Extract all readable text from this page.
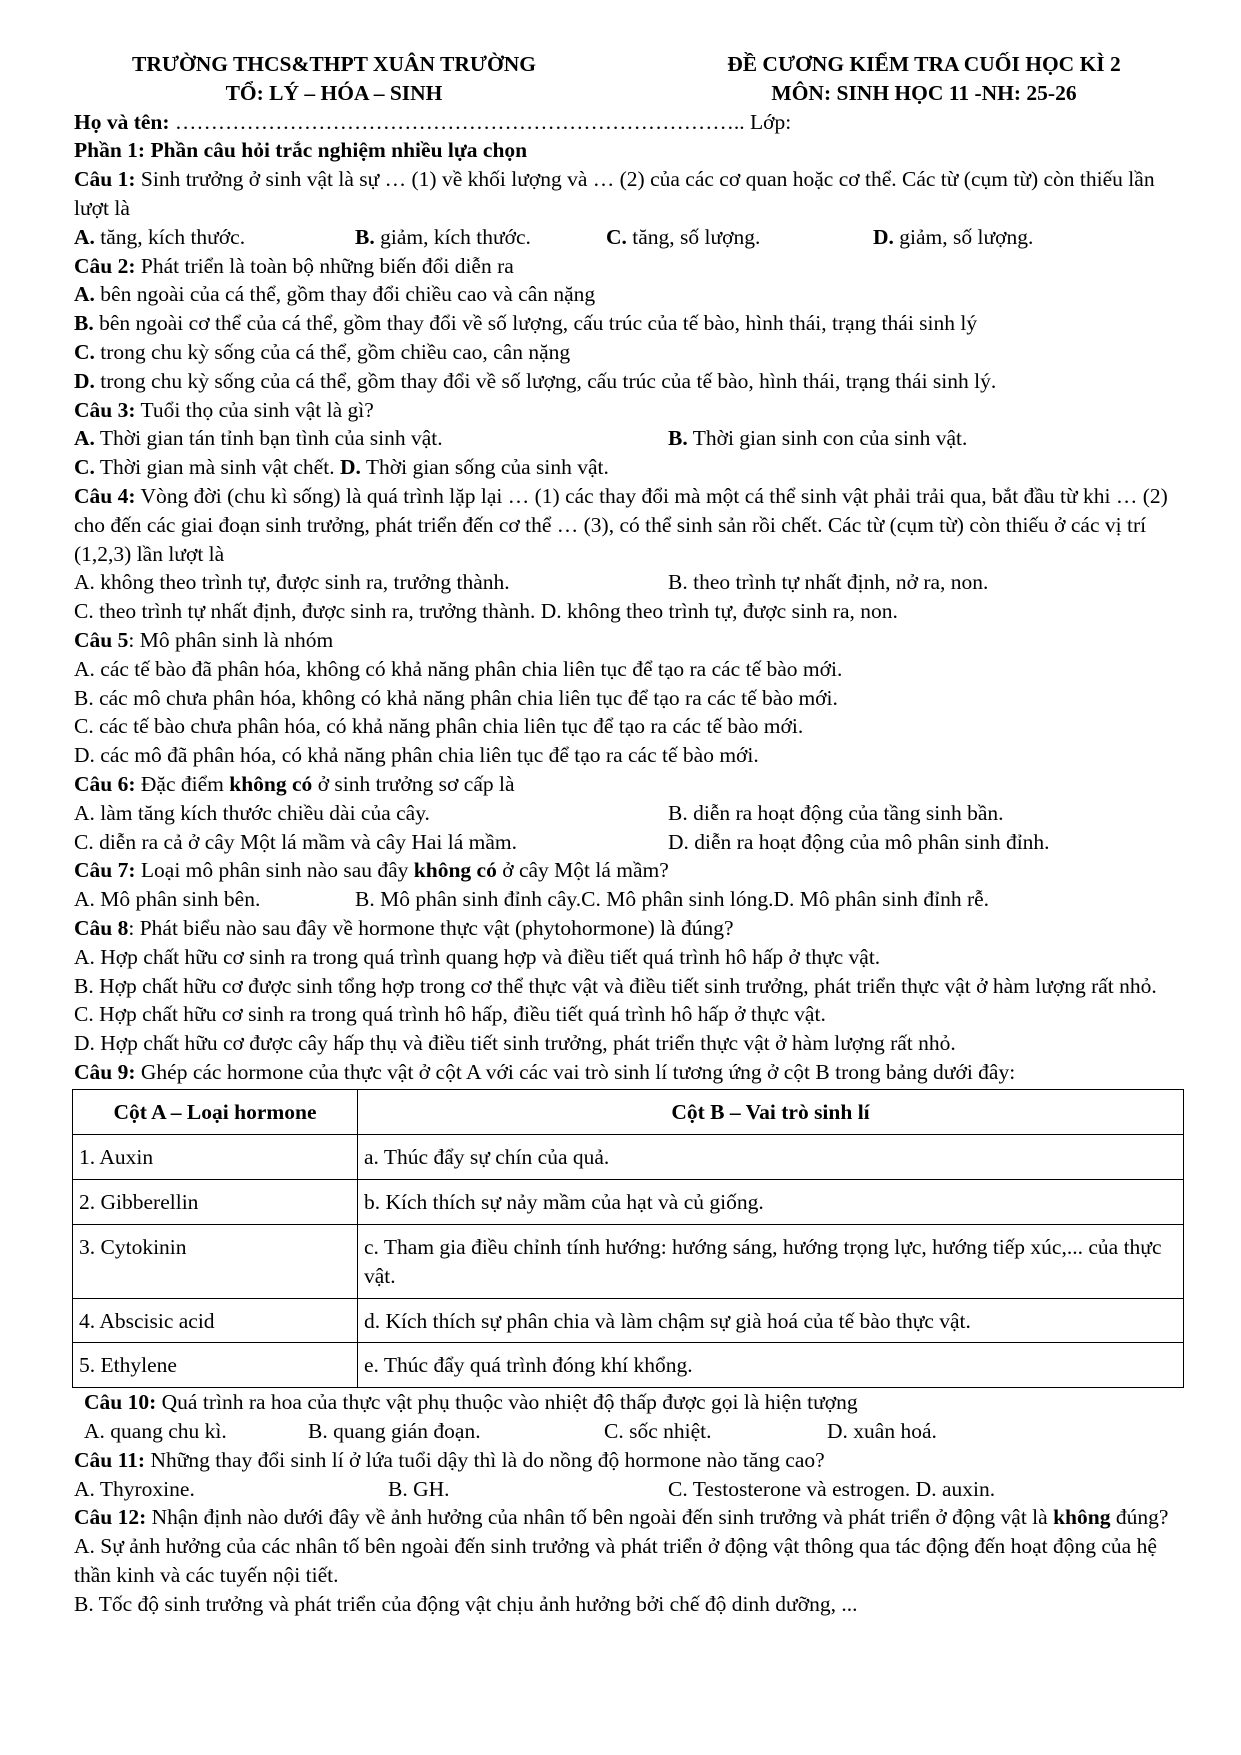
TRƯỜNG THCS&THPT XUÂN TRƯỜNG	ĐỀ CƯƠNG KIỂM TRA CUỐI HỌC KÌ 2
TỔ: LÝ – HÓA – SINH	MÔN: SINH HỌC 11 -NH: 25-26
Họ và tên: …………………………………………………………………….. Lớp:
Phần 1: Phần câu hỏi trắc nghiệm nhiều lựa chọn
Câu 1: Sinh trưởng ở sinh vật là sự … (1) về khối lượng và … (2) của các cơ quan hoặc cơ thể. Các từ (cụm từ) còn thiếu lần lượt là
A. tăng, kích thước.	B. giảm, kích thước.	C. tăng, số lượng.	D. giảm, số lượng.
Câu 2: Phát triển là toàn bộ những biến đổi diễn ra
A. bên ngoài của cá thể, gồm thay đổi chiều cao và cân nặng
B. bên ngoài cơ thể của cá thể, gồm thay đổi về số lượng, cấu trúc của tế bào, hình thái, trạng thái sinh lý
C. trong chu kỳ sống của cá thể, gồm chiều cao, cân nặng
D. trong chu kỳ sống của cá thể, gồm thay đổi về số lượng, cấu trúc của tế bào, hình thái, trạng thái sinh lý.
Câu 3: Tuổi thọ của sinh vật là gì?
A. Thời gian tán tỉnh bạn tình của sinh vật.	B. Thời gian sinh con của sinh vật.
C. Thời gian mà sinh vật chết. D. Thời gian sống của sinh vật.
Câu 4: Vòng đời (chu kì sống) là quá trình lặp lại … (1) các thay đổi mà một cá thể sinh vật phải trải qua, bắt đầu từ khi … (2) cho đến các giai đoạn sinh trưởng, phát triển đến cơ thể … (3), có thể sinh sản rồi chết. Các từ (cụm từ) còn thiếu ở các vị trí (1,2,3) lần lượt là
A. không theo trình tự, được sinh ra, trưởng thành.	B. theo trình tự nhất định, nở ra, non.
C. theo trình tự nhất định, được sinh ra, trưởng thành. D. không theo trình tự, được sinh ra, non.
Câu 5: Mô phân sinh là nhóm
A. các tế bào đã phân hóa, không có khả năng phân chia liên tục để tạo ra các tế bào mới.
B. các mô chưa phân hóa, không có khả năng phân chia liên tục để tạo ra các tế bào mới.
C. các tế bào chưa phân hóa, có khả năng phân chia liên tục để tạo ra các tế bào mới.
D. các mô đã phân hóa, có khả năng phân chia liên tục để tạo ra các tế bào mới.
Câu 6: Đặc điểm không có ở sinh trưởng sơ cấp là
A. làm tăng kích thước chiều dài của cây.	B. diễn ra hoạt động của tầng sinh bần.
C. diễn ra cả ở cây Một lá mầm và cây Hai lá mầm.	D. diễn ra hoạt động của mô phân sinh đỉnh.
Câu 7: Loại mô phân sinh nào sau đây không có ở cây Một lá mầm?
A. Mô phân sinh bên.	B. Mô phân sinh đỉnh cây.C. Mô phân sinh lóng.D. Mô phân sinh đỉnh rễ.
Câu 8: Phát biểu nào sau đây về hormone thực vật (phytohormone) là đúng?
A. Hợp chất hữu cơ sinh ra trong quá trình quang hợp và điều tiết quá trình hô hấp ở thực vật.
B. Hợp chất hữu cơ được sinh tổng hợp trong cơ thể thực vật và điều tiết sinh trưởng, phát triển thực vật ở hàm lượng rất nhỏ.
C. Hợp chất hữu cơ sinh ra trong quá trình hô hấp, điều tiết quá trình hô hấp ở thực vật.
D. Hợp chất hữu cơ được cây hấp thụ và điều tiết sinh trưởng, phát triển thực vật ở hàm lượng rất nhỏ.
Câu 9: Ghép các hormone của thực vật ở cột A với các vai trò sinh lí tương ứng ở cột B trong bảng dưới đây:
Cột A – Loại hormone	Cột B – Vai trò sinh lí
1. Auxin	a. Thúc đẩy sự chín của quả.
2. Gibberellin	b. Kích thích sự nảy mầm của hạt và củ giống.
3. Cytokinin	c. Tham gia điều chỉnh tính hướng: hướng sáng, hướng trọng lực, hướng tiếp xúc,... của thực vật.
4. Abscisic acid	d. Kích thích sự phân chia và làm chậm sự già hoá của tế bào thực vật.
5. Ethylene	e. Thúc đẩy quá trình đóng khí khổng.
Câu 10: Quá trình ra hoa của thực vật phụ thuộc vào nhiệt độ thấp được gọi là hiện tượng
A. quang chu kì.	B. quang gián đoạn.	C. sốc nhiệt.	D. xuân hoá.
Câu 11: Những thay đổi sinh lí ở lứa tuổi dậy thì là do nồng độ hormone nào tăng cao?
A. Thyroxine.	B. GH.	C. Testosterone và estrogen. D. auxin.
Câu 12: Nhận định nào dưới đây về ảnh hưởng của nhân tố bên ngoài đến sinh trưởng và phát triển ở động vật là không đúng?
A. Sự ảnh hưởng của các nhân tố bên ngoài đến sinh trưởng và phát triển ở động vật thông qua tác động đến hoạt động của hệ thần kinh và các tuyến nội tiết.
B. Tốc độ sinh trưởng và phát triển của động vật chịu ảnh hưởng bởi chế độ dinh dưỡng, ...
